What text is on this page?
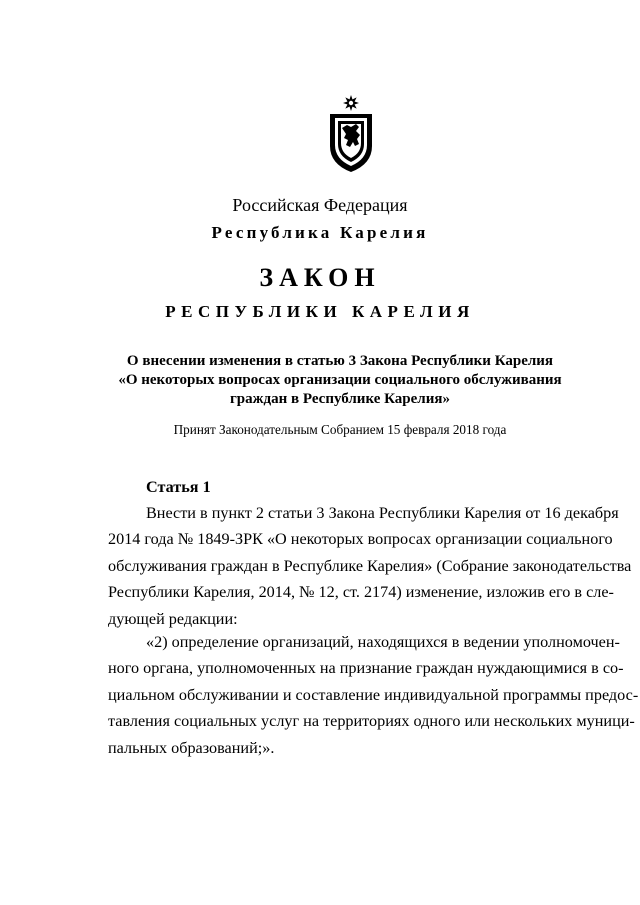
Российская Федерация
Республика Карелия
ЗАКОН
РЕСПУБЛИКИ КАРЕЛИЯ
О внесении изменения в статью 3 Закона Республики Карелия
«О некоторых вопросах организации социального обслуживания
граждан в Республике Карелия»
Принят Законодательным Собранием 15 февраля 2018 года
Статья 1
Внести в пункт 2 статьи 3 Закона Республики Карелия от 16 декабря
2014 года № 1849-ЗРК «О некоторых вопросах организации социального
обслуживания граждан в Республике Карелия» (Собрание законодательства
Республики Карелия, 2014, № 12, ст. 2174) изменение, изложив его в сле-
дующей редакции:
«2) определение организаций, находящихся в ведении уполномочен-
ного органа, уполномоченных на признание граждан нуждающимися в со-
циальном обслуживании и составление индивидуальной программы предос-
тавления социальных услуг на территориях одного или нескольких муници-
пальных образований;».
